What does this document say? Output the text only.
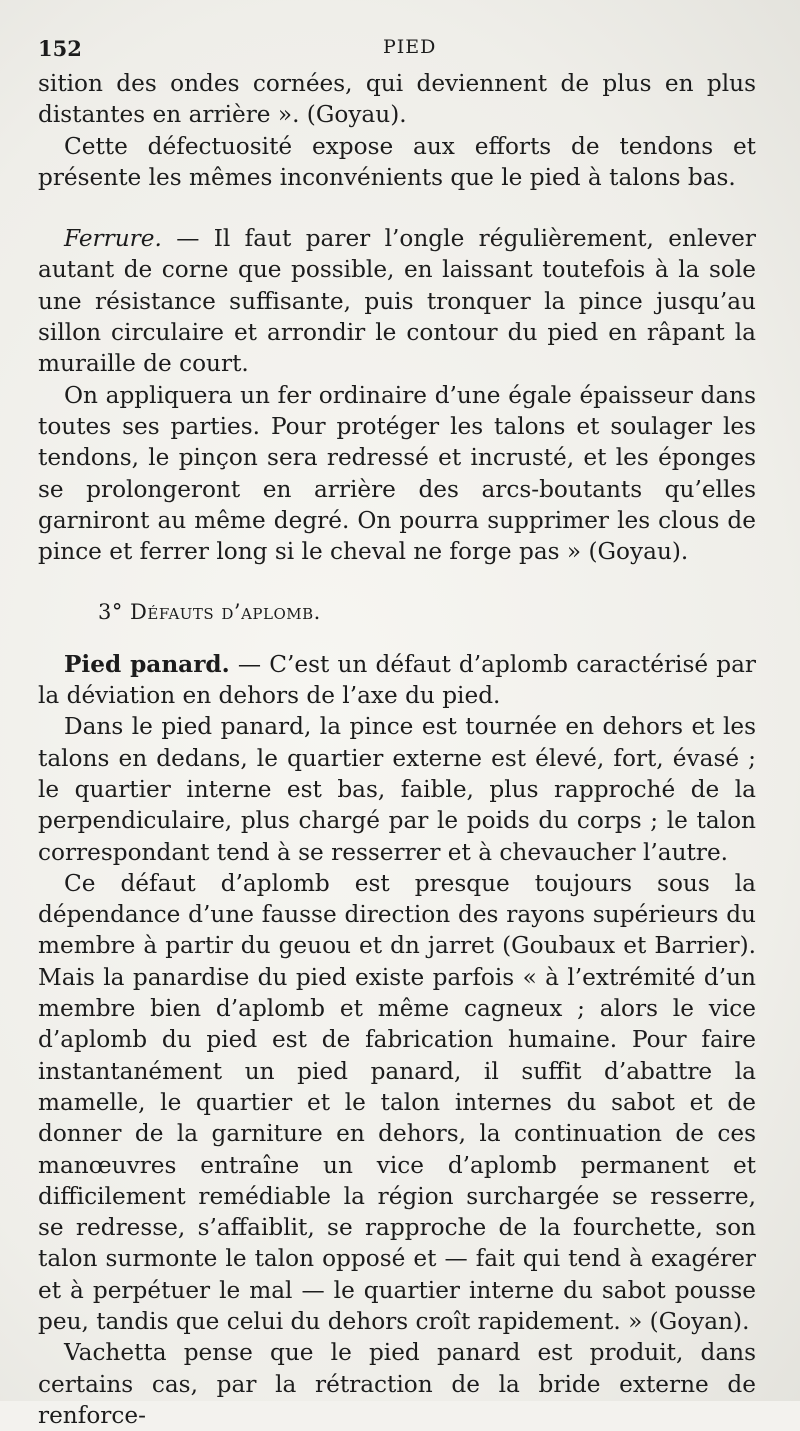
152	PIED

sition des ondes cornées, qui deviennent de plus en plus distantes en arrière ». (Goyau).

Cette défectuosité expose aux efforts de tendons et présente les mêmes inconvénients que le pied à talons bas.

Ferrure. — Il faut parer l’ongle régulièrement, enlever autant de corne que possible, en laissant toutefois à la sole une résistance suffisante, puis tronquer la pince jusqu’au sillon circulaire et arrondir le contour du pied en râpant la muraille de court.

On appliquera un fer ordinaire d’une égale épaisseur dans toutes ses parties. Pour protéger les talons et soulager les tendons, le pinçon sera redressé et incrusté, et les éponges se prolongeront en arrière des arcs-boutants qu’elles garniront au même degré. On pourra supprimer les clous de pince et ferrer long si le cheval ne forge pas » (Goyau).

3° Défauts d’aplomb.

Pied panard. — C’est un défaut d’aplomb caractérisé par la déviation en dehors de l’axe du pied.

Dans le pied panard, la pince est tournée en dehors et les talons en dedans, le quartier externe est élevé, fort, évasé ; le quartier interne est bas, faible, plus rapproché de la perpendiculaire, plus chargé par le poids du corps ; le talon correspondant tend à se resserrer et à chevaucher l’autre.

Ce défaut d’aplomb est presque toujours sous la dépendance d’une fausse direction des rayons supérieurs du membre à partir du geuou et dn jarret (Goubaux et Barrier). Mais la panardise du pied existe parfois « à l’extrémité d’un membre bien d’aplomb et même cagneux ; alors le vice d’aplomb du pied est de fabrication humaine. Pour faire instantanément un pied panard, il suffit d’abattre la mamelle, le quartier et le talon internes du sabot et de donner de la garniture en dehors, la continuation de ces manœuvres entraîne un vice d’aplomb permanent et difficilement remédiable la région surchargée se resserre, se redresse, s’affaiblit, se rapproche de la fourchette, son talon surmonte le talon opposé et — fait qui tend à exagérer et à perpétuer le mal — le quartier interne du sabot pousse peu, tandis que celui du dehors croît rapidement. » (Goyan).

Vachetta pense que le pied panard est produit, dans certains cas, par la rétraction de la bride externe de renforce-
